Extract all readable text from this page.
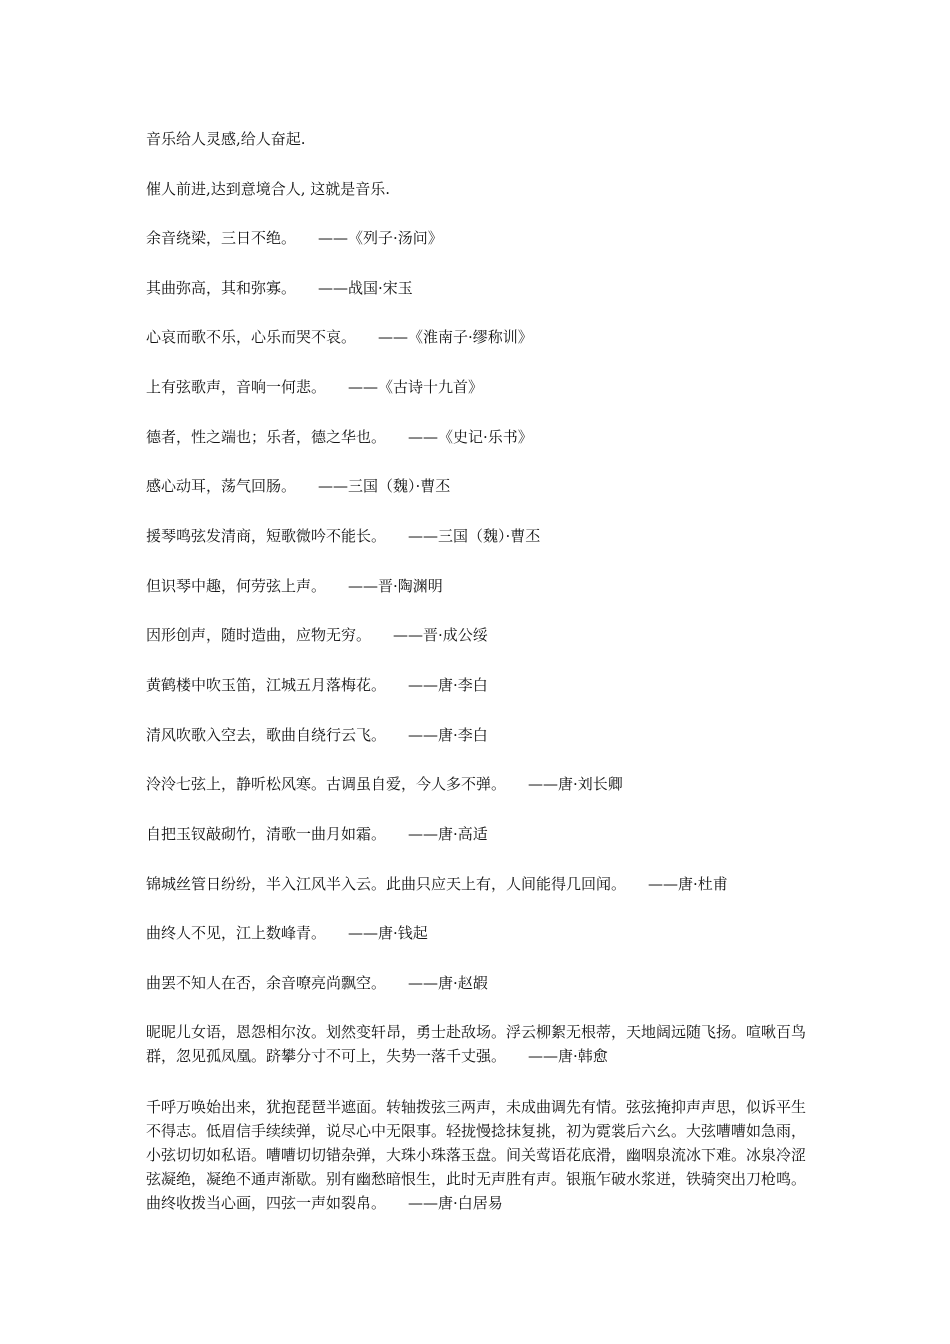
音乐给人灵感,给人奋起.

催人前进,达到意境合人, 这就是音乐.

余音绕梁，三日不绝。 ——《列子·汤问》

其曲弥高，其和弥寡。 ——战国·宋玉

心哀而歌不乐，心乐而哭不哀。 ——《淮南子·缪称训》

上有弦歌声，音响一何悲。 ——《古诗十九首》

德者，性之端也；乐者，德之华也。 ——《史记·乐书》

感心动耳，荡气回肠。 ——三国（魏）·曹丕

援琴鸣弦发清商，短歌微吟不能长。 ——三国（魏）·曹丕

但识琴中趣，何劳弦上声。 ——晋·陶渊明

因形创声，随时造曲，应物无穷。 ——晋·成公绥

黄鹤楼中吹玉笛，江城五月落梅花。 ——唐·李白

清风吹歌入空去，歌曲自绕行云飞。 ——唐·李白

泠泠七弦上，静听松风寒。古调虽自爱，今人多不弹。 ——唐·刘长卿

自把玉钗敲砌竹，清歌一曲月如霜。 ——唐·高适

锦城丝管日纷纷，半入江风半入云。此曲只应天上有，人间能得几回闻。 ——唐·杜甫

曲终人不见，江上数峰青。 ——唐·钱起

曲罢不知人在否，余音嘹亮尚飘空。 ——唐·赵嘏

昵昵儿女语，恩怨相尔汝。划然变轩昂，勇士赴敌场。浮云柳絮无根蒂，天地阔远随飞扬。喧啾百鸟群，忽见孤凤凰。跻攀分寸不可上，失势一落千丈强。 ——唐·韩愈

千呼万唤始出来，犹抱琵琶半遮面。转轴拨弦三两声，未成曲调先有情。弦弦掩抑声声思，似诉平生不得志。低眉信手续续弹，说尽心中无限事。轻拢慢捻抹复挑，初为霓裳后六幺。大弦嘈嘈如急雨，小弦切切如私语。嘈嘈切切错杂弹，大珠小珠落玉盘。间关莺语花底滑，幽咽泉流冰下难。冰泉冷涩弦凝绝，凝绝不通声渐歇。别有幽愁暗恨生，此时无声胜有声。银瓶乍破水浆迸，铁骑突出刀枪鸣。曲终收拨当心画，四弦一声如裂帛。 ——唐·白居易
